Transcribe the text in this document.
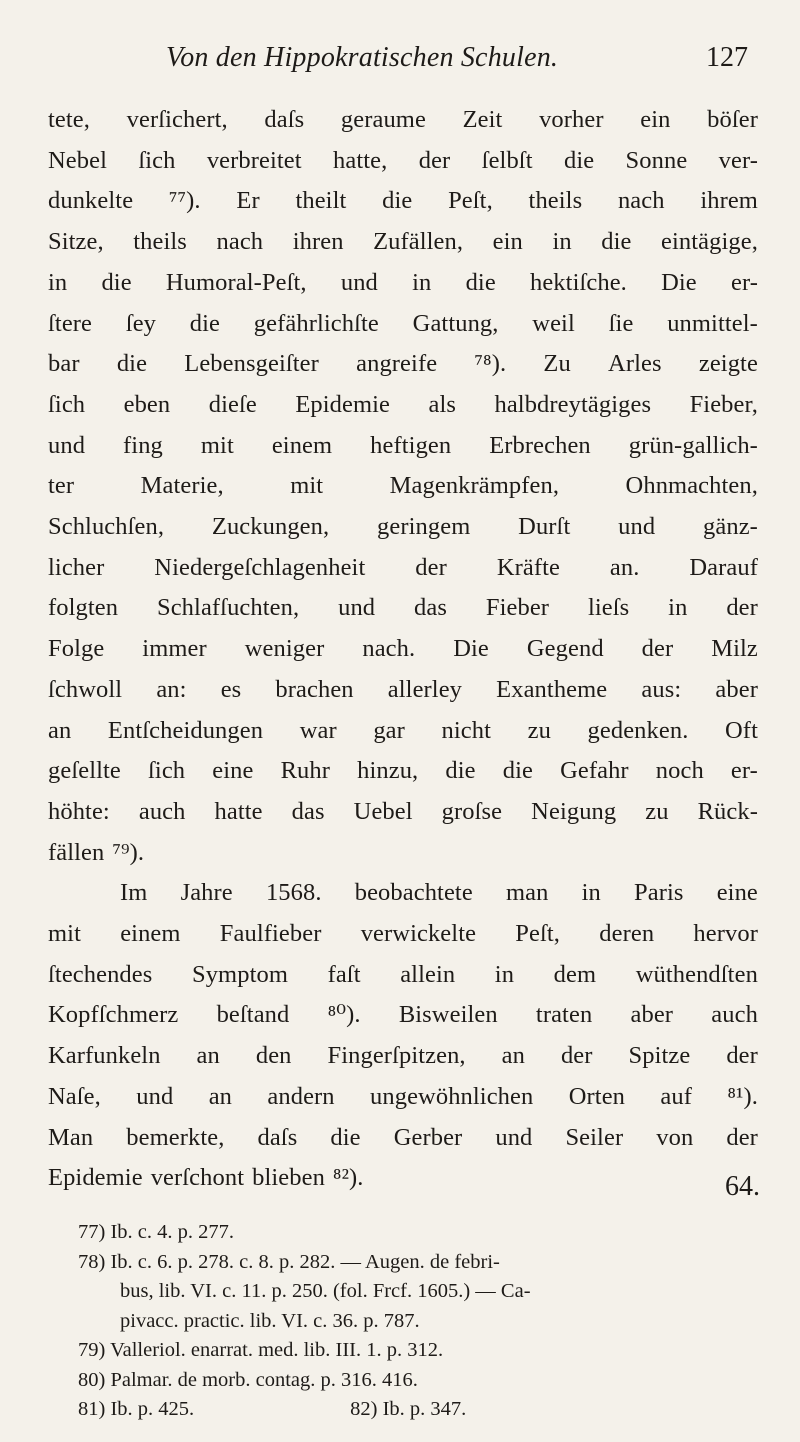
Von den Hippokratischen Schulen.	127
tete, verſichert, daſs geraume Zeit vorher ein böſer
Nebel ſich verbreitet hatte, der ſelbſt die Sonne ver-
dunkelte ⁷⁷). Er theilt die Peſt, theils nach ihrem
Sitze, theils nach ihren Zufällen, ein in die eintägige,
in die Humoral-Peſt, und in die hektiſche. Die er-
ſtere ſey die gefährlichſte Gattung, weil ſie unmittel-
bar die Lebensgeiſter angreife ⁷⁸). Zu Arles zeigte
ſich eben dieſe Epidemie als halbdreytägiges Fieber,
und fing mit einem heftigen Erbrechen grün-gallich-
ter	Materie,	mit	Magenkrämpfen,	Ohnmachten,
Schluchſen, Zuckungen, geringem Durſt und gänz-
licher Niedergeſchlagenheit der Kräfte an. Darauf
folgten Schlafſuchten, und das Fieber lieſs in der
Folge immer weniger nach. Die Gegend der Milz
ſchwoll an: es brachen allerley Exantheme aus: aber
an Entſcheidungen war gar nicht zu gedenken. Oft
geſellte ſich eine Ruhr hinzu, die die Gefahr noch er-
höhte: auch hatte das Uebel groſse Neigung zu Rück-
fällen ⁷⁹).
Im Jahre 1568. beobachtete man in Paris eine
mit einem Faulfieber verwickelte Peſt, deren hervor
ſtechendes Symptom faſt allein in dem wüthendſten
Kopfſchmerz beſtand ⁸⁰). Bisweilen traten aber auch
Karfunkeln an den Fingerſpitzen, an der Spitze der
Naſe, und an andern ungewöhnlichen Orten auf ⁸¹).
Man bemerkte, daſs die Gerber und Seiler von der
Epidemie verſchont blieben ⁸²).	64.
77) Ib. c. 4. p. 277.
78) Ib. c. 6. p. 278. c. 8. p. 282. — Augen. de febri-
bus, lib. VI. c. 11. p. 250. (fol. Frcf. 1605.) — Ca-
pivacc. practic. lib. VI. c. 36. p. 787.
79) Valleriol. enarrat. med. lib. III. 1. p. 312.
80) Palmar. de morb. contag. p. 316. 416.
81) Ib. p. 425.	82) Ib. p. 347.
